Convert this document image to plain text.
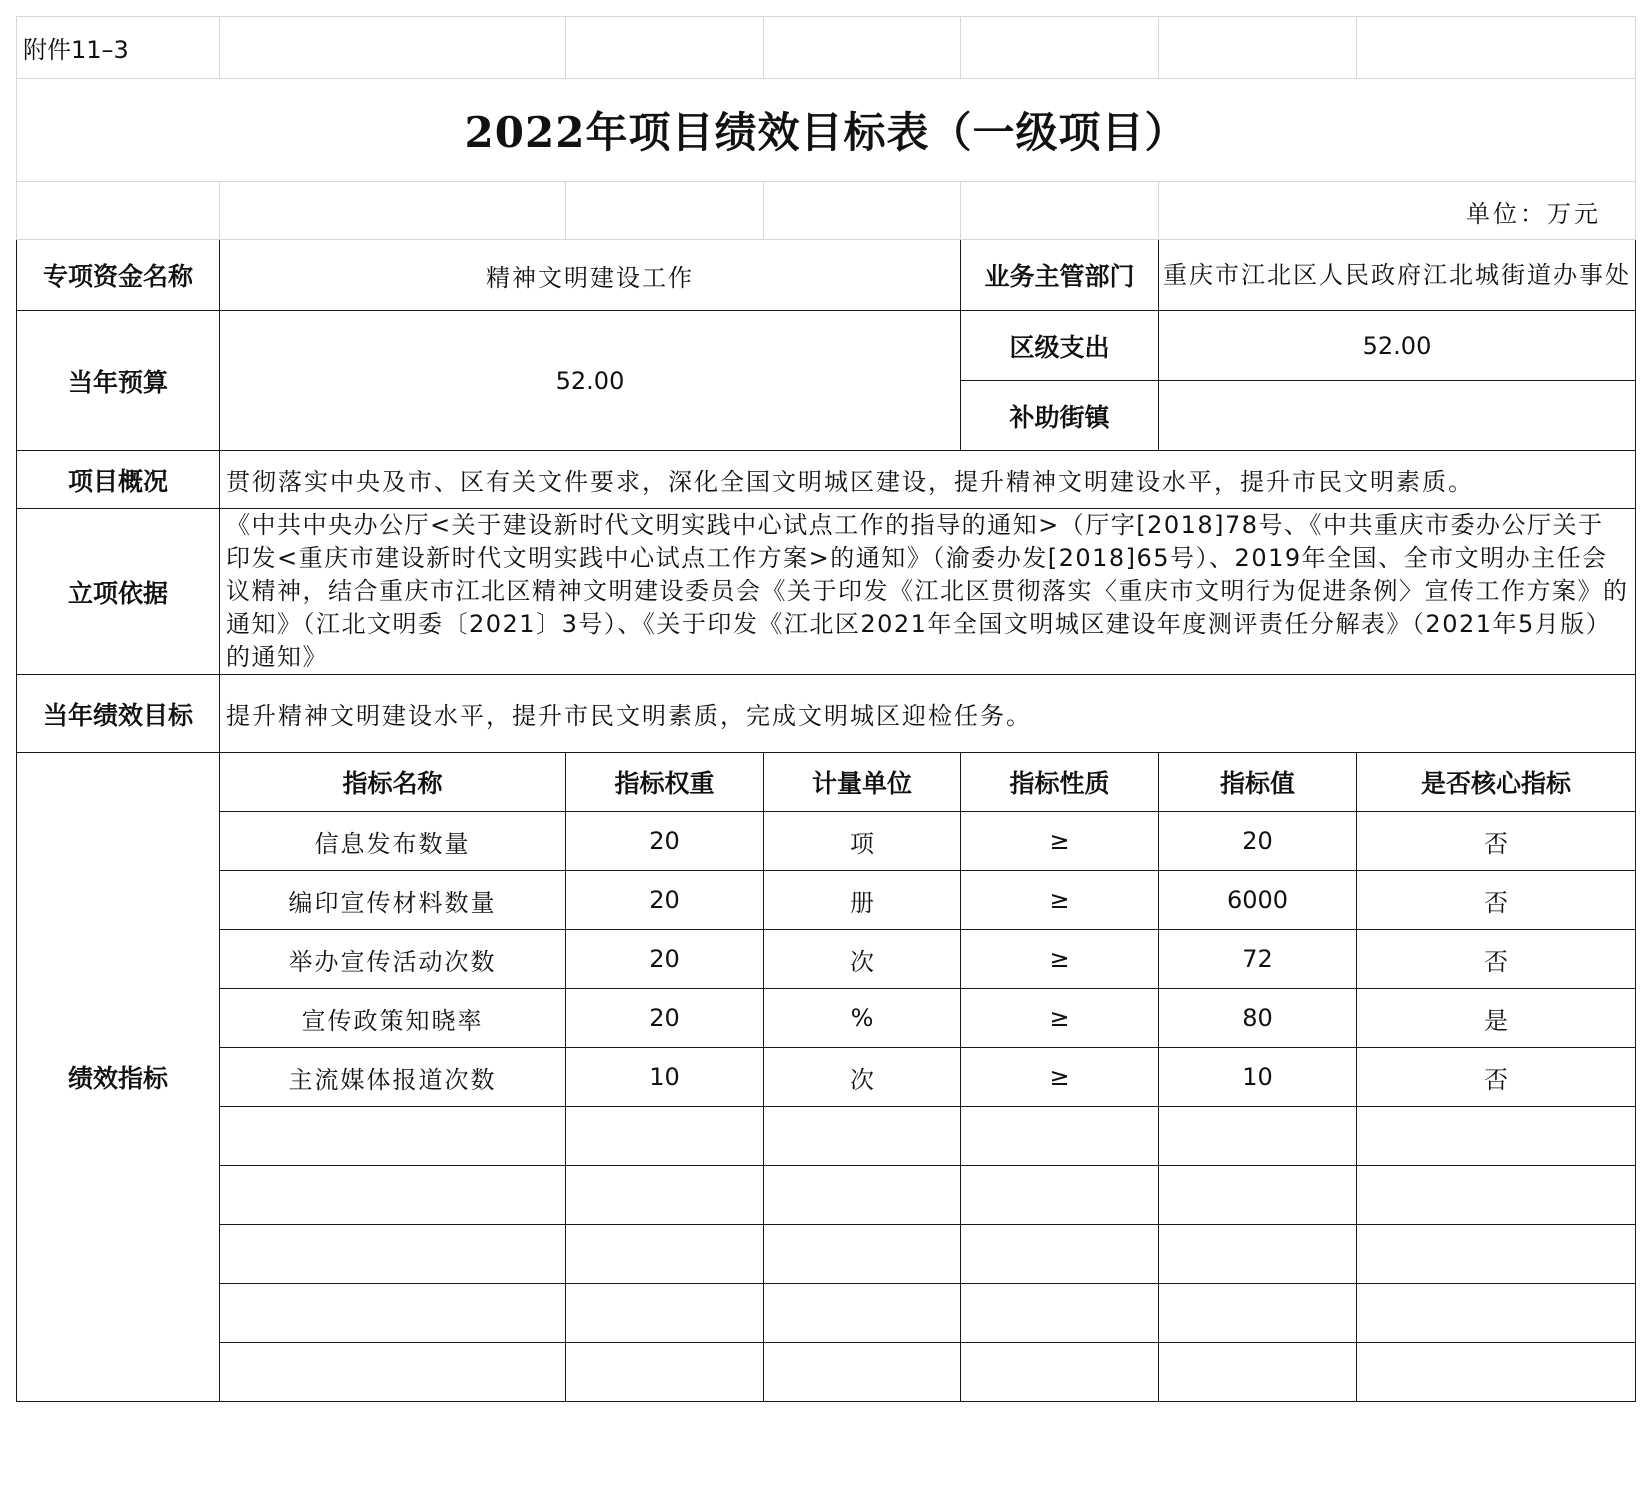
附件11–3						
2022年项目绩效目标表（一级项目）						
					单位：万元	
专项资金名称	精神文明建设工作			业务主管部门	重庆市江北区人民政府江北城街道办事处	
当年预算	52.00			区级支出	52.00	
				补助街镇		
项目概况	贯彻落实中央及市、区有关文件要求，深化全国文明城区建设，提升精神文明建设水平，提升市民文明素质。					
立项依据	《中共中央办公厅<关于建设新时代文明实践中心试点工作的指导的通知>（厅字[2018]78号、《中共重庆市委办公厅关于印发<重庆市建设新时代文明实践中心试点工作方案>的通知》（渝委办发[2018]65号）、2019年全国、全市文明办主任会议精神，结合重庆市江北区精神文明建设委员会《关于印发《江北区贯彻落实〈重庆市文明行为促进条例〉宣传工作方案》的通知》（江北文明委〔2021〕3号）、《关于印发《江北区2021年全国文明城区建设年度测评责任分解表》（2021年5月版）的通知》					
当年绩效目标	提升精神文明建设水平，提升市民文明素质，完成文明城区迎检任务。					
绩效指标	指标名称	指标权重	计量单位	指标性质	指标值	是否核心指标
	信息发布数量	20	项	≥	20	否
	编印宣传材料数量	20	册	≥	6000	否
	举办宣传活动次数	20	次	≥	72	否
	宣传政策知晓率	20	%	≥	80	是
	主流媒体报道次数	10	次	≥	10	否
